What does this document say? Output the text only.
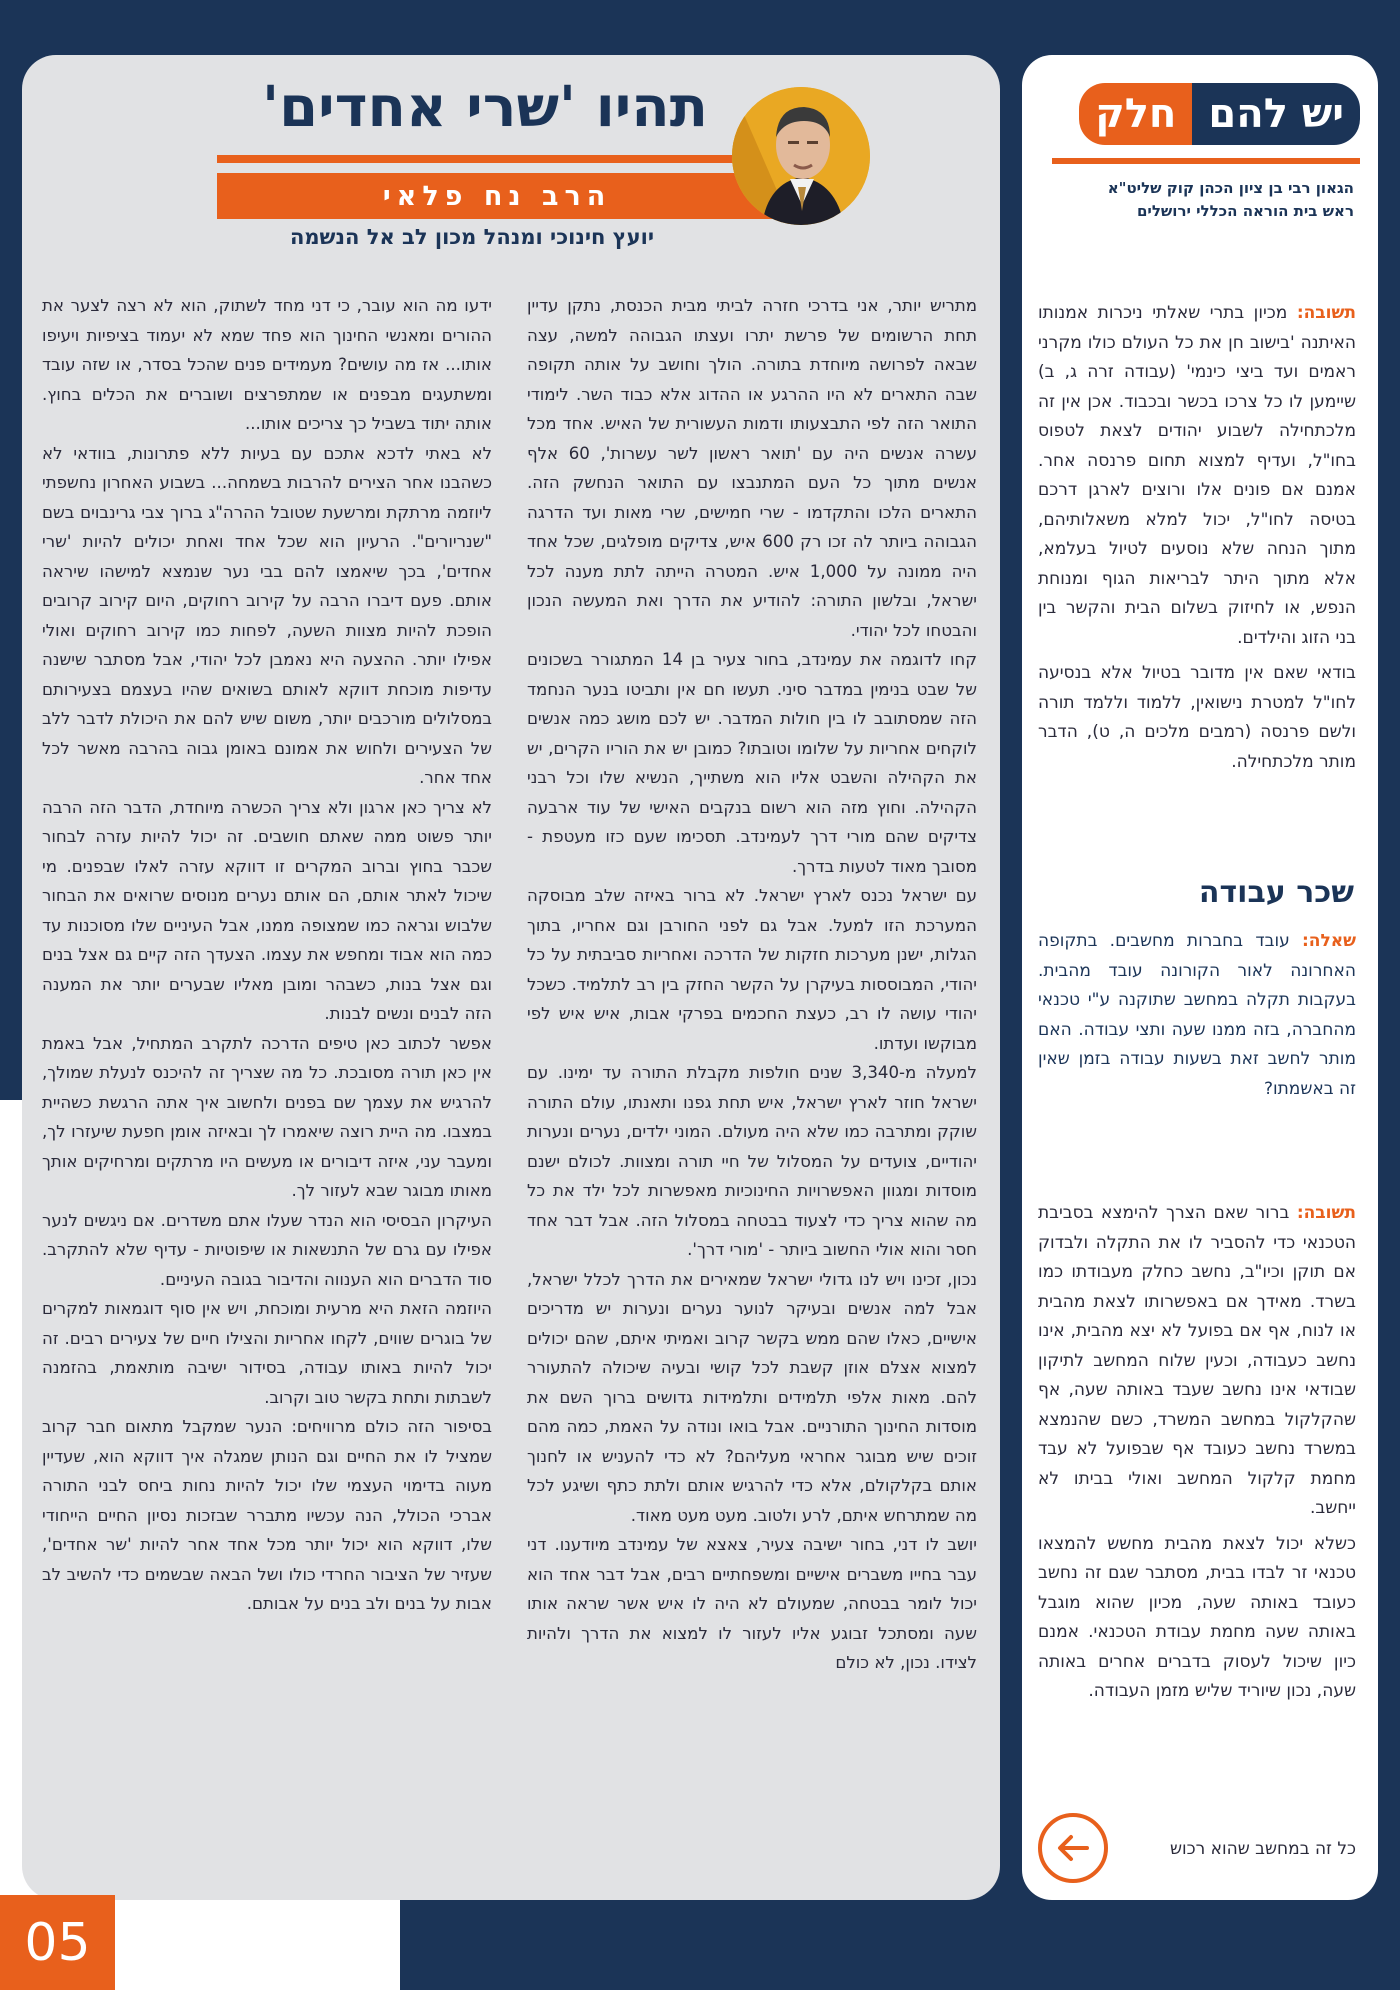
תהיו 'שרי אחדים'
הרב נח פלאי
יועץ חינוכי ומנהל מכון לב אל הנשמה

מתריש יותר, אני בדרכי חזרה לביתי מבית הכנסת, נתקן עדיין תחת הרשומים של פרשת יתרו ועצתו הגבוהה למשה, עצה שבאה לפרושה מיוחדת בתורה. הולך וחושב על אותה תקופה שבה התארים לא היו ההרגע או ההדוג אלא כבוד השר. לימודי התואר הזה לפי התבצעותו ודמות העשורית של האיש. אחד מכל עשרה אנשים היה עם 'תואר ראשון לשר עשרות', 60 אלף אנשים מתוך כל העם המתנבצו עם התואר הנחשק הזה. התארים הלכו והתקדמו - שרי חמישים, שרי מאות ועד הדרגה הגבוהה ביותר לה זכו רק 600 איש, צדיקים מופלגים, שכל אחד היה ממונה על 1,000 איש. המטרה הייתה לתת מענה לכל ישראל, ובלשון התורה: להודיע את הדרך ואת המעשה הנכון והבטחו לכל יהודי.

קחו לדוגמה את עמינדב, בחור צעיר בן 14 המתגורר בשכונים של שבט בנימין במדבר סיני. תעשו חם אין ותביטו בנער הנחמד הזה שמסתובב לו בין חולות המדבר. יש לכם מושג כמה אנשים לוקחים אחריות על שלומו וטובתו? כמובן יש את הוריו הקרים, יש את הקהילה והשבט אליו הוא משתייך, הנשיא שלו וכל רבני הקהילה. וחוץ מזה הוא רשום בנקבים האישי של עוד ארבעה צדיקים שהם מורי דרך לעמינדב. תסכימו שעם כזו מעטפת - מסובך מאוד לטעות בדרך.

עם ישראל נכנס לארץ ישראל. לא ברור באיזה שלב מבוסקה המערכת הזו למעל. אבל גם לפני החורבן וגם אחריו, בתוך הגלות, ישנן מערכות חזקות של הדרכה ואחריות סביבתית על כל יהודי, המבוססות בעיקרן על הקשר החזק בין רב לתלמיד. כשכל יהודי עושה לו רב, כעצת החכמים בפרקי אבות, איש איש לפי מבוקשו ועדתו.

למעלה מ-3,340 שנים חולפות מקבלת התורה עד ימינו. עם ישראל חוזר לארץ ישראל, איש תחת גפנו ותאנתו, עולם התורה שוקק ומתרבה כמו שלא היה מעולם. המוני ילדים, נערים ונערות יהודיים, צועדים על המסלול של חיי תורה ומצוות. לכולם ישנם מוסדות ומגוון האפשרויות החינוכיות מאפשרות לכל ילד את כל מה שהוא צריך כדי לצעוד בבטחה במסלול הזה. אבל דבר אחד חסר והוא אולי החשוב ביותר - 'מורי דרך'.

נכון, זכינו ויש לנו גדולי ישראל שמאירים את הדרך לכלל ישראל, אבל למה אנשים ובעיקר לנוער נערים ונערות יש מדריכים אישיים, כאלו שהם ממש בקשר קרוב ואמיתי איתם, שהם יכולים למצוא אצלם אוזן קשבת לכל קושי ובעיה שיכולה להתעורר להם. מאות אלפי תלמידים ותלמידות גדושים ברוך השם את מוסדות החינוך התורניים. אבל בואו ונודה על האמת, כמה מהם זוכים שיש מבוגר אחראי מעליהם? לא כדי להעניש או לחנוך אותם בקלקולם, אלא כדי להרגיש אותם ולתת כתף ושיגע לכל מה שמתרחש איתם, לרע ולטוב. מעט מעט מאוד.

יושב לו דני, בחור ישיבה צעיר, צאצא של עמינדב מיודענו. דני עבר בחייו משברים אישיים ומשפחתיים רבים, אבל דבר אחד הוא יכול לומר בבטחה, שמעולם לא היה לו איש אשר שראה אותו שעה ומסתכל זבוגע אליו לעזור לו למצוא את הדרך ולהיות לצידו. נכון, לא כולם

ידעו מה הוא עובר, כי דני מחד לשתוק, הוא לא רצה לצער את ההורים ומאנשי החינוך הוא פחד שמא לא יעמוד בציפיות ויעיפו אותו... אז מה עושים? מעמידים פנים שהכל בסדר, או שזה עובד ומשתעגים מבפנים או שמתפרצים ושוברים את הכלים בחוץ. אותה יתוד בשביל כך צריכים אותו...

לא באתי לדכא אתכם עם בעיות ללא פתרונות, בוודאי לא כשהבנו אחר הצירים להרבות בשמחה... בשבוע האחרון נחשפתי ליוזמה מרתקת ומרשעת שטובל ההרה"ג ברוך צבי גרינבוים בשם "שנריורים". הרעיון הוא שכל אחד ואחת יכולים להיות 'שרי אחדים', בכך שיאמצו להם בבי נער שנמצא למישהו שיראה אותם. פעם דיברו הרבה על קירוב רחוקים, היום קירוב קרובים הופכת להיות מצוות השעה, לפחות כמו קירוב רחוקים ואולי אפילו יותר. ההצעה היא נאמבן לכל יהודי, אבל מסתבר שישנה עדיפות מוכחת דווקא לאותם בשואים שהיו בעצמם בצעירותם במסלולים מורכבים יותר, משום שיש להם את היכולת לדבר ללב של הצעירים ולחוש את אמונם באומן גבוה בהרבה מאשר לכל אחד אחר.

לא צריך כאן ארגון ולא צריך הכשרה מיוחדת, הדבר הזה הרבה יותר פשוט ממה שאתם חושבים. זה יכול להיות עזרה לבחור שכבר בחוץ וברוב המקרים זו דווקא עזרה לאלו שבפנים. מי שיכול לאתר אותם, הם אותם נערים מנוסים שרואים את הבחור שלבוש וגראה כמו שמצופה ממנו, אבל העיניים שלו מסוכנות עד כמה הוא אבוד ומחפש את עצמו. הצעדך הזה קיים גם אצל בנים וגם אצל בנות, כשבהר ומובן מאליו שבערים יותר את המענה הזה לבנים ונשים לבנות.

אפשר לכתוב כאן טיפים הדרכה לתקרב המתחיל, אבל באמת אין כאן תורה מסובכת. כל מה שצריך זה להיכנס לנעלת שמולך, להרגיש את עצמך שם בפנים ולחשוב איך אתה הרגשת כשהיית במצבו. מה היית רוצה שיאמרו לך ובאיזה אומן חפעת שיעזרו לך, ומעבר עני, איזה דיבורים או מעשים היו מרתקים ומרחיקים אותך מאותו מבוגר שבא לעזור לך.

העיקרון הבסיסי הוא הנדר שעלו אתם משדרים. אם ניגשים לנער אפילו עם גרם של התנשאות או שיפוטיות - עדיף שלא להתקרב. סוד הדברים הוא הענווה והדיבור בגובה העיניים.

היוזמה הזאת היא מרעית ומוכחת, ויש אין סוף דוגמאות למקרים של בוגרים שווים, לקחו אחריות והצילו חיים של צעירים רבים. זה יכול להיות באותו עבודה, בסידור ישיבה מותאמת, בהזמנה לשבתות ותחת בקשר טוב וקרוב.

בסיפור הזה כולם מרוויחים: הנער שמקבל מתאום חבר קרוב שמציל לו את החיים וגם הנותן שמגלה איך דווקא הוא, שעדיין מעוה בדימוי העצמי שלו יכול להיות נחות ביחס לבני התורה אברכי הכולל, הנה עכשיו מתברר שבזכות נסיון החיים הייחודי שלו, דווקא הוא יכול יותר מכל אחד אחר להיות 'שר אחדים', שעזיר של הציבור החרדי כולו ושל הבאה שבשמים כדי להשיב לב אבות על בנים ולב בנים על אבותם.

יש להם
חלק
הגאון רבי בן ציון הכהן קוק שליט"א
ראש בית הוראה הכללי ירושלים

תשובה: מכיון בתרי שאלתי ניכרות אמנותו האיתנה 'בישוב חן את כל העולם כולו מקרני ראמים ועד ביצי כינמי' (עבודה זרה ג, ב) שיימען לו כל צרכו בכשר ובכבוד. אכן אין זה מלכתחילה לשבוע יהודים לצאת לטפוס בחו"ל, ועדיף למצוא תחום פרנסה אחר. אמנם אם פונים אלו ורוצים לארגן דרכם בטיסה לחו"ל, יכול למלא משאלותיהם, מתוך הנחה שלא נוסעים לטיול בעלמא, אלא מתוך היתר לבריאות הגוף ומנוחת הנפש, או לחיזוק בשלום הבית והקשר בין בני הזוג והילדים.

בודאי שאם אין מדובר בטיול אלא בנסיעה לחו"ל למטרת נישואין, ללמוד וללמד תורה ולשם פרנסה (רמבים מלכים ה, ט), הדבר מותר מלכתחילה.

שכר עבודה

שאלה: עובד בחברות מחשבים. בתקופה האחרונה לאור הקורונה עובד מהבית. בעקבות תקלה במחשב שתוקנה ע"י טכנאי מהחברה, בזה ממנו שעה ותצי עבודה. האם מותר לחשב זאת בשעות עבודה בזמן שאין זה באשמתו?

תשובה: ברור שאם הצרך להימצא בסביבת הטכנאי כדי להסביר לו את התקלה ולבדוק אם תוקן וכיו"ב, נחשב כחלק מעבודתו כמו בשרד. מאידך אם באפשרותו לצאת מהבית או לנוח, אף אם בפועל לא יצא מהבית, אינו נחשב כעבודה, וכעין שלוח המחשב לתיקון שבודאי אינו נחשב שעבד באותה שעה, אף שהקלקול במחשב המשרד, כשם שהנמצא במשרד נחשב כעובד אף שבפועל לא עבד מחמת קלקול המחשב ואולי בביתו לא ייחשב.

כשלא יכול לצאת מהבית מחשש להמצאו טכנאי זר לבדו בבית, מסתבר שגם זה נחשב כעובד באותה שעה, מכיון שהוא מוגבל באותה שעה מחמת עבודת הטכנאי. אמנם כיון שיכול לעסוק בדברים אחרים באותה שעה, נכון שיוריד שליש מזמן העבודה.

כל זה במחשב שהוא רכוש

05
